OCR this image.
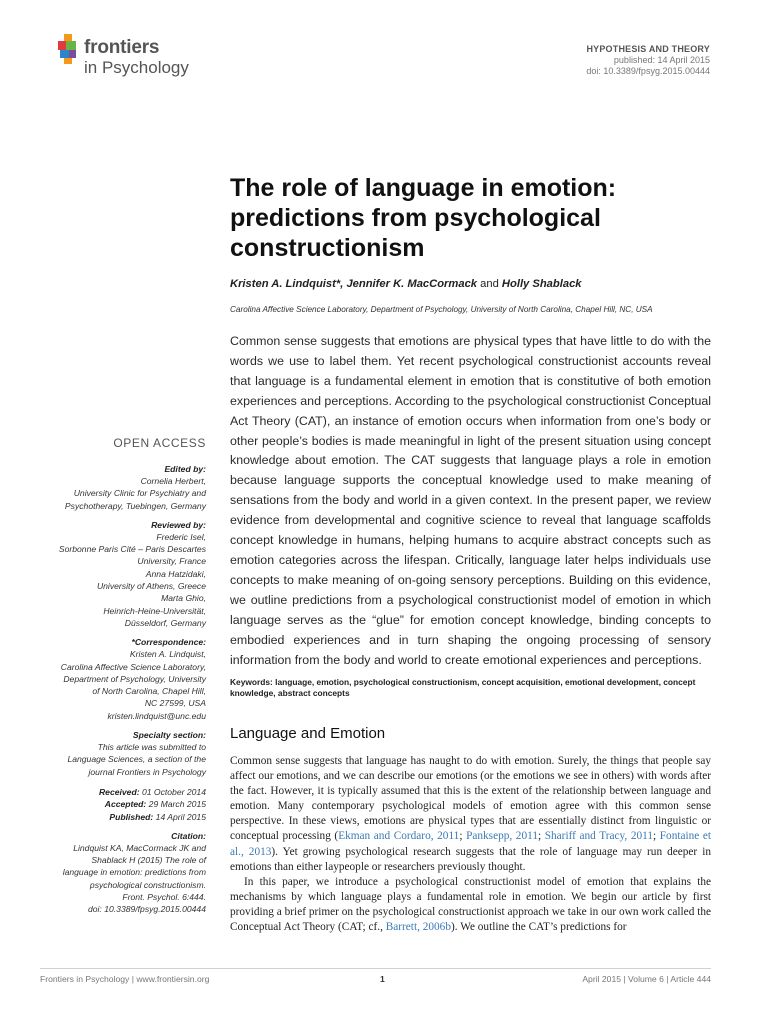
frontiers
in Psychology
HYPOTHESIS AND THEORY
published: 14 April 2015
doi: 10.3389/fpsyg.2015.00444
The role of language in emotion: predictions from psychological constructionism
Kristen A. Lindquist*, Jennifer K. MacCormack and Holly Shablack
Carolina Affective Science Laboratory, Department of Psychology, University of North Carolina, Chapel Hill, NC, USA

Common sense suggests that emotions are physical types that have little to do with the words we use to label them. Yet recent psychological constructionist accounts reveal that language is a fundamental element in emotion that is constitutive of both emotion experiences and perceptions. According to the psychological constructionist Conceptual Act Theory (CAT), an instance of emotion occurs when information from one’s body or other people’s bodies is made meaningful in light of the present situation using concept knowledge about emotion. The CAT suggests that language plays a role in emotion because language supports the conceptual knowledge used to make meaning of sensations from the body and world in a given context. In the present paper, we review evidence from developmental and cognitive science to reveal that language scaffolds concept knowledge in humans, helping humans to acquire abstract concepts such as emotion categories across the lifespan. Critically, language later helps individuals use concepts to make meaning of on-going sensory perceptions. Building on this evidence, we outline predictions from a psychological constructionist model of emotion in which language serves as the “glue” for emotion concept knowledge, binding concepts to embodied experiences and in turn shaping the ongoing processing of sensory information from the body and world to create emotional experiences and perceptions.

Keywords: language, emotion, psychological constructionism, concept acquisition, emotional development, concept knowledge, abstract concepts

Language and Emotion

Common sense suggests that language has naught to do with emotion. Surely, the things that people say affect our emotions, and we can describe our emotions (or the emotions we see in others) with words after the fact. However, it is typically assumed that this is the extent of the relationship between language and emotion. Many contemporary psychological models of emotion agree with this common sense perspective. In these views, emotions are physical types that are essentially distinct from linguistic or conceptual processing (Ekman and Cordaro, 2011; Panksepp, 2011; Shariff and Tracy, 2011; Fontaine et al., 2013). Yet growing psychological research suggests that the role of language may run deeper in emotions than either laypeople or researchers previously thought.

In this paper, we introduce a psychological constructionist model of emotion that explains the mechanisms by which language plays a fundamental role in emotion. We begin our article by first providing a brief primer on the psychological constructionist approach we take in our own work called the Conceptual Act Theory (CAT; cf., Barrett, 2006b). We outline the CAT’s predictions for

OPEN ACCESS
Edited by:
Cornelia Herbert,
University Clinic for Psychiatry and
Psychotherapy, Tuebingen, Germany
Reviewed by:
Frederic Isel,
Sorbonne Paris Cité – Paris Descartes
University, France
Anna Hatzidaki,
University of Athens, Greece
Marta Ghio,
Heinrich-Heine-Universität,
Düsseldorf, Germany
*Correspondence:
Kristen A. Lindquist,
Carolina Affective Science Laboratory,
Department of Psychology, University
of North Carolina, Chapel Hill,
NC 27599, USA
kristen.lindquist@unc.edu
Specialty section:
This article was submitted to
Language Sciences, a section of the
journal Frontiers in Psychology
Received: 01 October 2014
Accepted: 29 March 2015
Published: 14 April 2015
Citation:
Lindquist KA, MacCormack JK and
Shablack H (2015) The role of
language in emotion: predictions from
psychological constructionism.
Front. Psychol. 6:444.
doi: 10.3389/fpsyg.2015.00444
Frontiers in Psychology | www.frontiersin.org	1	April 2015 | Volume 6 | Article 444
